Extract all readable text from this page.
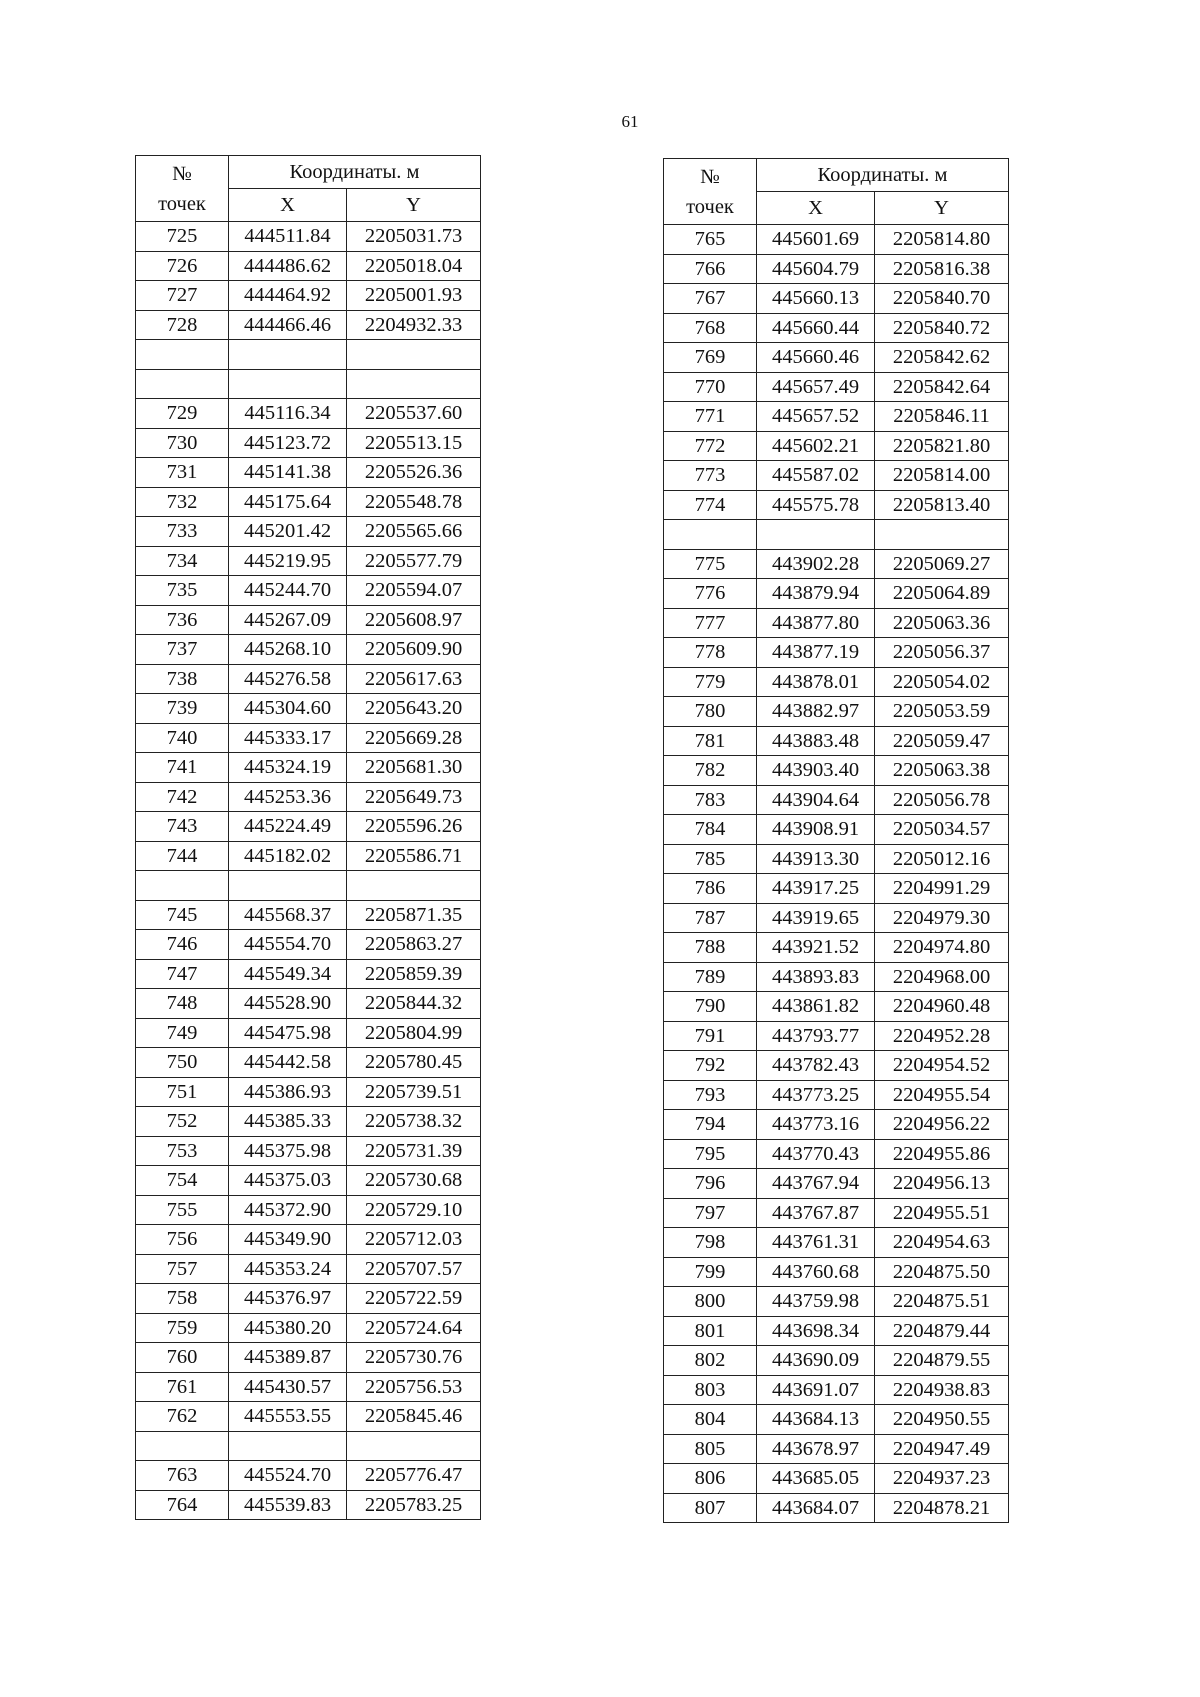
61
№
точек	Координаты. м	
	X	Y
725	444511.84	2205031.73
726	444486.62	2205018.04
727	444464.92	2205001.93
728	444466.46	2204932.33

729	445116.34	2205537.60
730	445123.72	2205513.15
731	445141.38	2205526.36
732	445175.64	2205548.78
733	445201.42	2205565.66
734	445219.95	2205577.79
735	445244.70	2205594.07
736	445267.09	2205608.97
737	445268.10	2205609.90
738	445276.58	2205617.63
739	445304.60	2205643.20
740	445333.17	2205669.28
741	445324.19	2205681.30
742	445253.36	2205649.73
743	445224.49	2205596.26
744	445182.02	2205586.71

745	445568.37	2205871.35
746	445554.70	2205863.27
747	445549.34	2205859.39
748	445528.90	2205844.32
749	445475.98	2205804.99
750	445442.58	2205780.45
751	445386.93	2205739.51
752	445385.33	2205738.32
753	445375.98	2205731.39
754	445375.03	2205730.68
755	445372.90	2205729.10
756	445349.90	2205712.03
757	445353.24	2205707.57
758	445376.97	2205722.59
759	445380.20	2205724.64
760	445389.87	2205730.76
761	445430.57	2205756.53
762	445553.55	2205845.46

763	445524.70	2205776.47
764	445539.83	2205783.25
№
точек	Координаты. м	
	X	Y
765	445601.69	2205814.80
766	445604.79	2205816.38
767	445660.13	2205840.70
768	445660.44	2205840.72
769	445660.46	2205842.62
770	445657.49	2205842.64
771	445657.52	2205846.11
772	445602.21	2205821.80
773	445587.02	2205814.00
774	445575.78	2205813.40

775	443902.28	2205069.27
776	443879.94	2205064.89
777	443877.80	2205063.36
778	443877.19	2205056.37
779	443878.01	2205054.02
780	443882.97	2205053.59
781	443883.48	2205059.47
782	443903.40	2205063.38
783	443904.64	2205056.78
784	443908.91	2205034.57
785	443913.30	2205012.16
786	443917.25	2204991.29
787	443919.65	2204979.30
788	443921.52	2204974.80
789	443893.83	2204968.00
790	443861.82	2204960.48
791	443793.77	2204952.28
792	443782.43	2204954.52
793	443773.25	2204955.54
794	443773.16	2204956.22
795	443770.43	2204955.86
796	443767.94	2204956.13
797	443767.87	2204955.51
798	443761.31	2204954.63
799	443760.68	2204875.50
800	443759.98	2204875.51
801	443698.34	2204879.44
802	443690.09	2204879.55
803	443691.07	2204938.83
804	443684.13	2204950.55
805	443678.97	2204947.49
806	443685.05	2204937.23
807	443684.07	2204878.21
